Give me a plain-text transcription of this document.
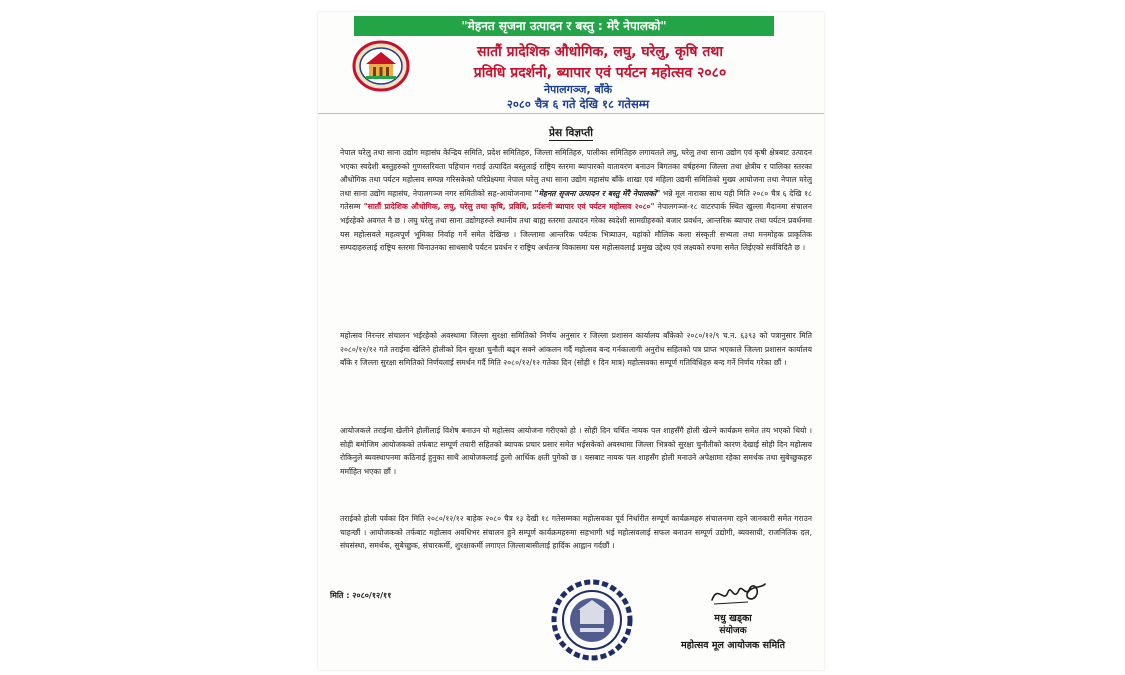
"मेहनत सृजना उत्पादन र बस्तु : मेरै नेपालको"
सातौं प्रादेशिक औधोगिक, लघु, घरेलु, कृषि तथा
प्रविधि प्रदर्शनी, ब्यापार एवं पर्यटन महोत्सव २०८०
नेपालगञ्ज, बाँके
२०८० चैत्र ६ गते देखि १८ गतेसम्म
प्रेस विज्ञप्ती
नेपाल घरेलु तथा साना उद्योग महासंघ केन्द्रिय समिति, प्रदेश समितिहरु, जिल्ला समितिहरु, पालीका समितिहरु लगायतले लघु, घरेलु तथा साना उद्योग एवं कृषी क्षेत्रबाट उत्पादन भएका स्वदेशी बस्तुहरुको गुणस्तरियता पहिचान गराई उत्पादित बस्तुलाई राष्ट्रिय स्तरमा ब्यापारको वातावरण बनाउन बिगतका वर्षहरुमा जिल्ला तथा क्षेत्रीय र पालिका स्तरका औधोगिक तथा पर्यटन महोत्सव सम्पन्न गरिसकेको परिप्रेक्ष्यमा नेपाल घरेलु तथा साना उद्योग महासंघ बाँके शाखा एवं महिला उद्यमी समितिको मुख्य आयोजना तथा नेपाल घरेलु तथा साना उद्योग महासंघ, नेपालगञ्ज नगर समितीको सह-आयोजनामा "मेहनत सृजना उत्पादन र बस्तु मेरै नेपालको" भन्ने मूल नाराका साथ यही मिति २०८० चैत्र ६ देखि १८ गतेसम्म "सातौं प्रादेशिक औधोगिक, लघु, घरेलु तथा कृषि, प्रविधि, प्रर्दशनी ब्यापार एवं पर्यटन महोत्सव २०८०" नेपालगञ्ज-१८ वाटरपार्क स्थित खुल्ला मैदानमा संचालन भईरहेको अवगत नै छ । लघु घरेलु तथा साना उद्योगहरुले स्थानीय तथा बाह्य स्तरमा उत्पादन गरेका स्वदेशी सामग्रीहरुको बजार प्रवर्धन, आन्तरिक ब्यापार तथा पर्यटन प्रवर्धनमा यस महोत्सवले महत्वपूर्ण भूमिका निर्वाह गर्ने समेत देखिन्छ । जिल्लामा आन्तरिक पर्यटक भित्र्याउन, यहांको मौलिक कला संस्कृती सभ्यता तथा मनमोहक प्राकृतिक सम्पदाहरुलाई राष्ट्रिय स्तरमा चिनाउनका साथसाथै पर्यटन प्रवर्धन र राष्ट्रिय अर्थतन्त्र विकासमा यस महोत्सवलाई प्रमुख उद्देश्य एवं लक्ष्यको रुपमा समेत लिईएको सर्वविदितै छ ।
महोत्सव निरन्तर संचालन भईरहेको अवस्थामा जिल्ला सुरक्षा समितिको निर्णय अनुसार र जिल्ला प्रशासन कार्यालय बाँकेको २०८०/१२/९ च.न. ६३९३ को पत्रानुसार मिति २०८०/१२/१२ गते तराईमा खेलिने होलीको दिन सुरक्षा चुनौती बढ्न सक्ने आंकलन गर्दै महोत्सव बन्द गर्नकालागी अनुरोध सहितको पत्र प्राप्त भएकाले जिल्ला प्रशासन कार्यालय बाँके र जिल्ला सुरक्षा समितिको निर्णयलाई समर्थन गर्दै मिति २०८०/१२/१२ गतेका दिन (सोही १ दिन मात्र) महोत्सवका सम्पूर्ण गतिविधिहरु बन्द गर्ने निर्णय गरेका छौं ।
आयोजकले तराईमा खेलीने होलीलाई विशेष बनाउन यो महोत्सव आयोजना गरीएको हो । सोही दिन चर्चित नायक पल शाहसँगै होली खेल्ने कार्यक्रम समेत तय भएको थियो । सोही बमोजिम आयोजकको तर्फबाट सम्पूर्ण तयारी सहितको ब्यापक प्रचार प्रसार समेत भईसकेको अवस्थामा जिल्ला भित्रको सुरक्षा चुनौतीको कारण देखाई सोही दिन महोत्सव रोकिनुले ब्यवस्थापनमा कठिनाई हुनुका साथै आयोजकलाई ठुलो आर्थिक क्षती पुगेको छ । यसबाट नायक पल शाहसँग होली मनाउने अपेक्षामा रहेका समर्थक तथा सुबेच्छुकहरु मर्माहित भएका छौं ।
तराईको होली पर्वका दिन मिति २०८०/१२/१२ बाहेक २०८० चैत्र १३ देखी १८ गतेसम्मका महोत्सवका पूर्व निर्धारीत सम्पूर्ण कार्यक्रमहरु संचालनमा रहने जानकारी समेत गराउन चाहन्छौं । आयोजकको तर्फबाट महोत्सव अवधिभर संचालन हुने सम्पूर्ण कार्यक्रमहरुमा सहभागी भई महोत्सवलाई सफल बनाउन सम्पूर्ण उद्योगी, ब्यवसायी, राजनितिक दल, संघसंस्था, समर्थक, सुबेच्छुक, संचारकर्मी, शुरक्षाकर्मी लगाएत जिल्लाबासीलाई हार्दिक आह्वान गर्दछौं ।
मिति : २०८०/१२/११
मधु खड्का
संयोजक
महोत्सव मूल आयोजक समिति
